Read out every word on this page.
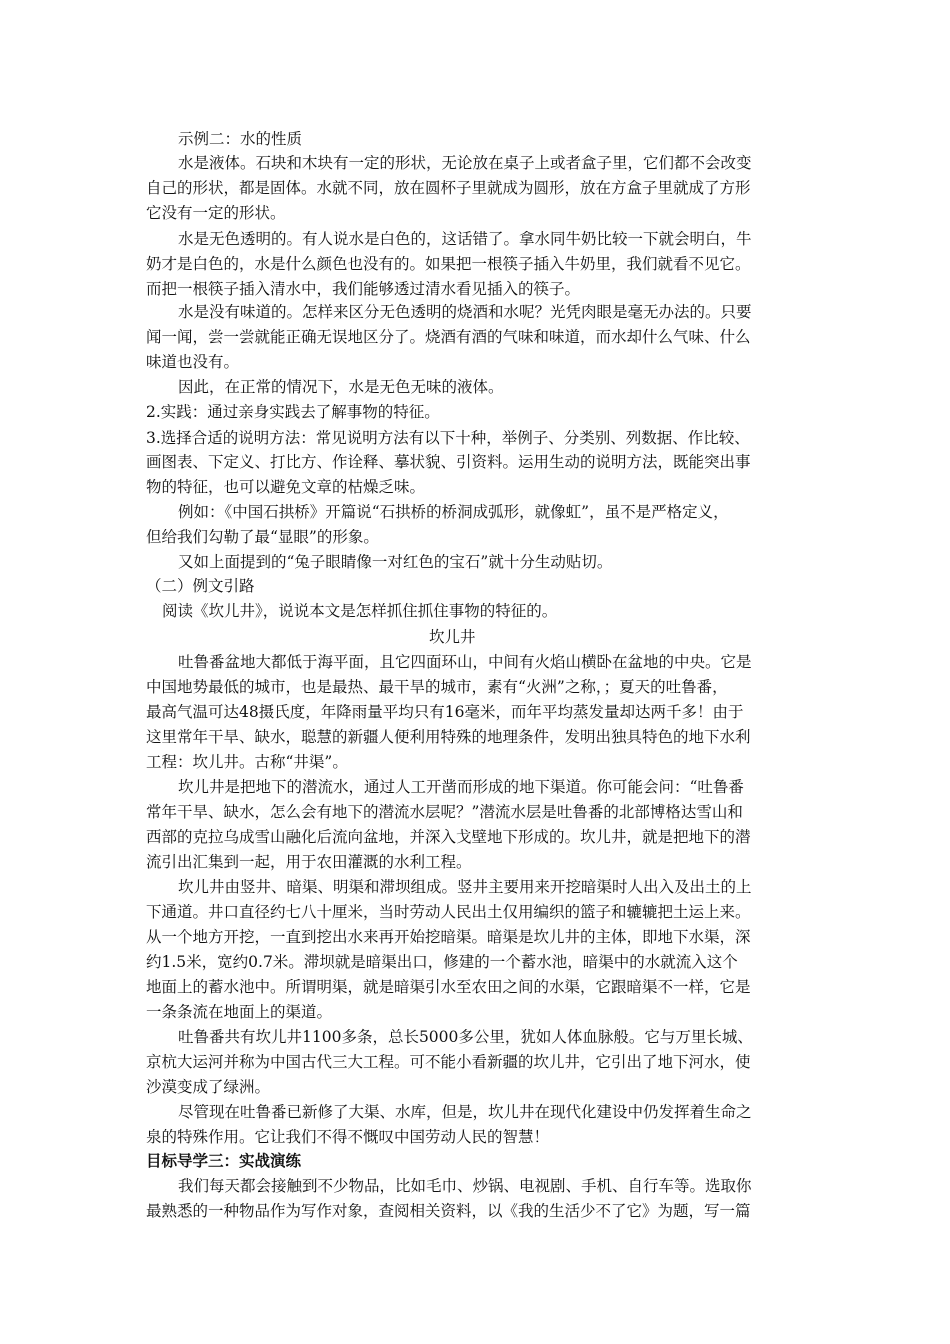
示例二：水的性质
水是液体。石块和木块有一定的形状，无论放在桌子上或者盒子里，它们都不会改变
自己的形状，都是固体。水就不同，放在圆杯子里就成为圆形，放在方盒子里就成了方形
它没有一定的形状。
水是无色透明的。有人说水是白色的，这话错了。拿水同牛奶比较一下就会明白，牛
奶才是白色的，水是什么颜色也没有的。如果把一根筷子插入牛奶里，我们就看不见它。
而把一根筷子插入清水中，我们能够透过清水看见插入的筷子。
水是没有味道的。怎样来区分无色透明的烧酒和水呢？光凭肉眼是毫无办法的。只要
闻一闻，尝一尝就能正确无误地区分了。烧酒有酒的气味和味道，而水却什么气味、什么
味道也没有。
因此，在正常的情况下，水是无色无味的液体。
2.实践：通过亲身实践去了解事物的特征。
3.选择合适的说明方法：常见说明方法有以下十种，举例子、分类别、列数据、作比较、
画图表、下定义、打比方、作诠释、摹状貌、引资料。运用生动的说明方法，既能突出事
物的特征，也可以避免文章的枯燥乏味。
例如：《中国石拱桥》开篇说“石拱桥的桥洞成弧形，就像虹”，虽不是严格定义，
但给我们勾勒了最“显眼”的形象。
又如上面提到的“兔子眼睛像一对红色的宝石”就十分生动贴切。
（二）例文引路
阅读《坎儿井》，说说本文是怎样抓住抓住事物的特征的。
坎儿井
吐鲁番盆地大都低于海平面，且它四面环山，中间有火焰山横卧在盆地的中央。它是
中国地势最低的城市，也是最热、最干旱的城市，素有“火洲”之称，；夏天的吐鲁番，
最高气温可达48摄氏度，年降雨量平均只有16毫米，而年平均蒸发量却达两千多！由于
这里常年干旱、缺水，聪慧的新疆人便利用特殊的地理条件，发明出独具特色的地下水利
工程：坎儿井。古称“井渠”。
坎儿井是把地下的潜流水，通过人工开凿而形成的地下渠道。你可能会问：“吐鲁番
常年干旱、缺水，怎么会有地下的潜流水层呢？”潜流水层是吐鲁番的北部博格达雪山和
西部的克拉乌成雪山融化后流向盆地，并深入戈壁地下形成的。坎儿井，就是把地下的潜
流引出汇集到一起，用于农田灌溉的水利工程。
坎儿井由竖井、暗渠、明渠和滞坝组成。竖井主要用来开挖暗渠时人出入及出土的上
下通道。井口直径约七八十厘米，当时劳动人民出土仅用编织的篮子和辘辘把土运上来。
从一个地方开挖，一直到挖出水来再开始挖暗渠。暗渠是坎儿井的主体，即地下水渠，深
约1.5米，宽约0.7米。滞坝就是暗渠出口，修建的一个蓄水池，暗渠中的水就流入这个
地面上的蓄水池中。所谓明渠，就是暗渠引水至农田之间的水渠，它跟暗渠不一样，它是
一条条流在地面上的渠道。
吐鲁番共有坎儿井1100多条，总长5000多公里，犹如人体血脉般。它与万里长城、
京杭大运河并称为中国古代三大工程。可不能小看新疆的坎儿井，它引出了地下河水，使
沙漠变成了绿洲。
尽管现在吐鲁番已新修了大渠、水库，但是，坎儿井在现代化建设中仍发挥着生命之
泉的特殊作用。它让我们不得不慨叹中国劳动人民的智慧！
目标导学三：实战演练
我们每天都会接触到不少物品，比如毛巾、炒锅、电视剧、手机、自行车等。选取你
最熟悉的一种物品作为写作对象，查阅相关资料，以《我的生活少不了它》为题，写一篇
